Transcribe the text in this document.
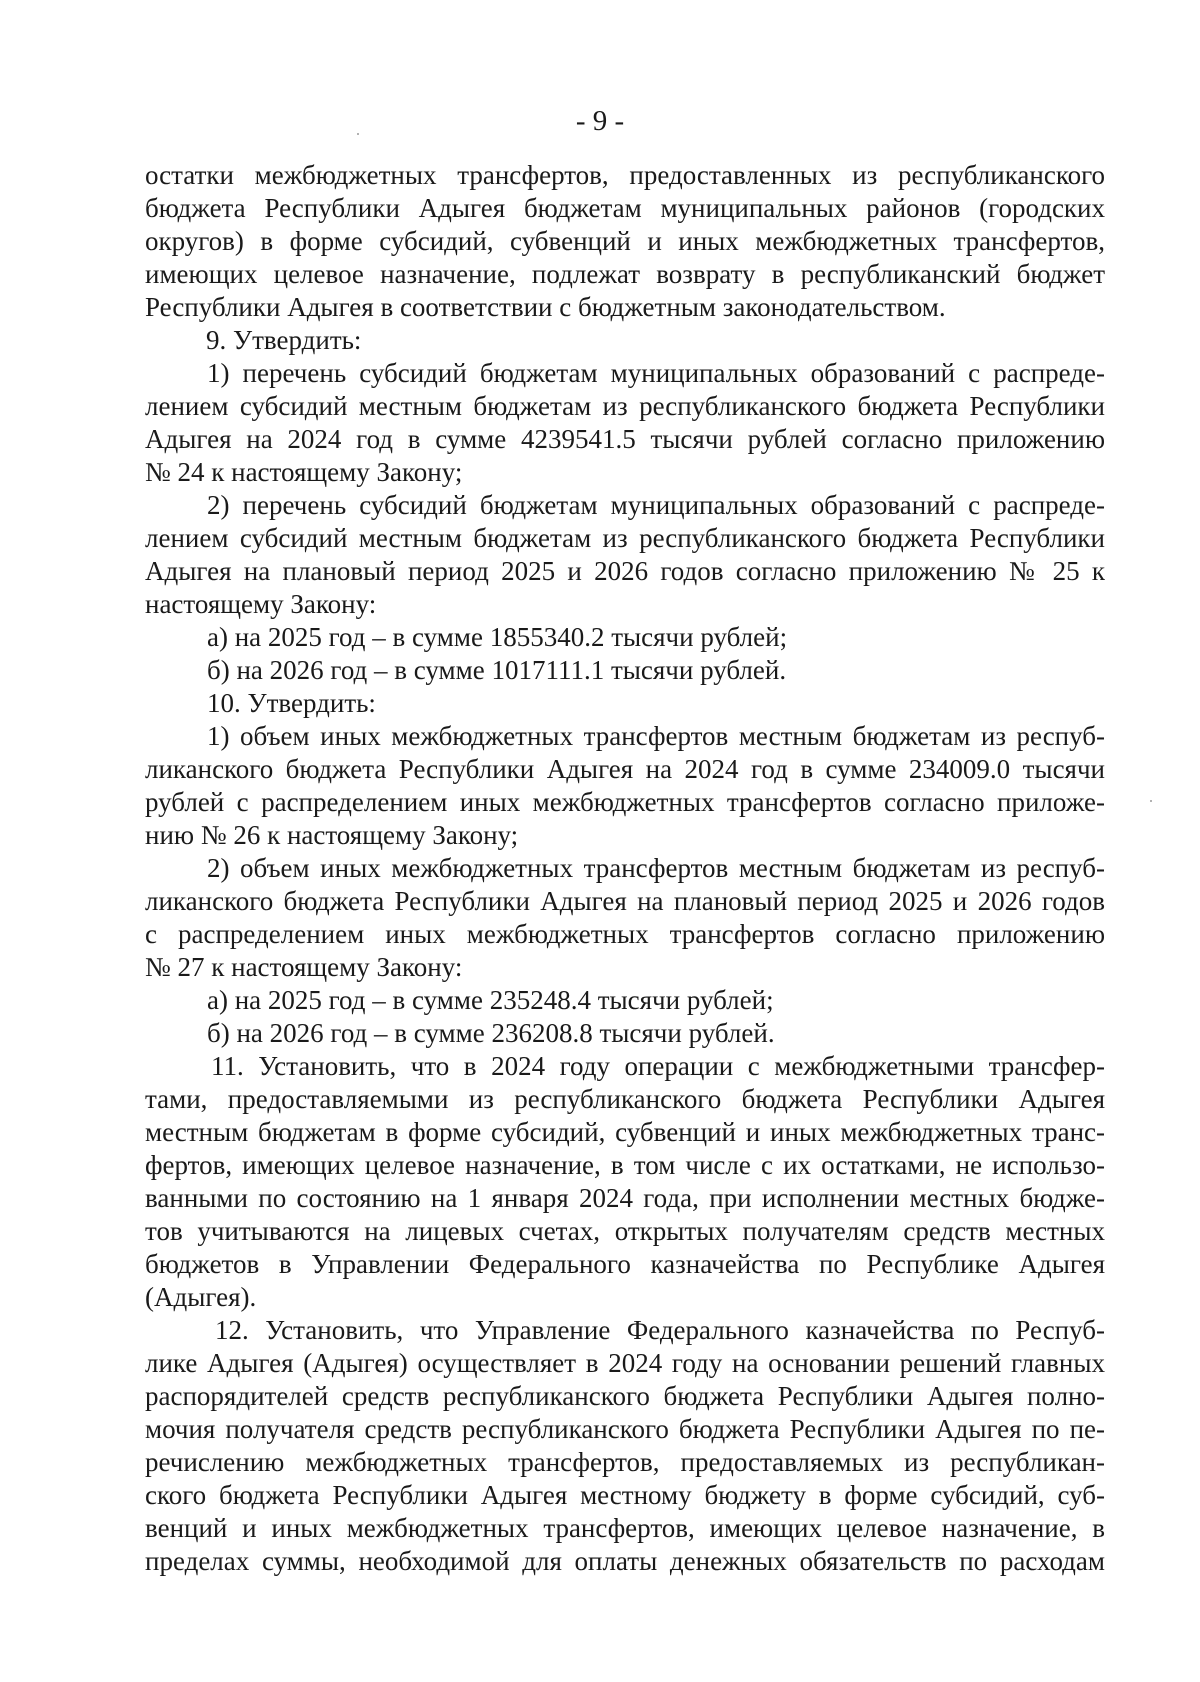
- 9 -
остатки межбюджетных трансфертов, предоставленных из республиканского
бюджета Республики Адыгея бюджетам муниципальных районов (городских
округов) в форме субсидий, субвенций и иных межбюджетных трансфертов,
имеющих целевое назначение, подлежат возврату в республиканский бюджет
Республики Адыгея в соответствии с бюджетным законодательством.
9. Утвердить:
1) перечень субсидий бюджетам муниципальных образований с распреде-
лением субсидий местным бюджетам из республиканского бюджета Республики
Адыгея на 2024 год в сумме 4239541.5 тысячи рублей согласно приложению
№ 24 к настоящему Закону;
2) перечень субсидий бюджетам муниципальных образований с распреде-
лением субсидий местным бюджетам из республиканского бюджета Республики
Адыгея на плановый период 2025 и 2026 годов согласно приложению № 25 к
настоящему Закону:
а) на 2025 год – в сумме 1855340.2 тысячи рублей;
б) на 2026 год – в сумме 1017111.1 тысячи рублей.
10. Утвердить:
1) объем иных межбюджетных трансфертов местным бюджетам из респуб-
ликанского бюджета Республики Адыгея на 2024 год в сумме 234009.0 тысячи
рублей с распределением иных межбюджетных трансфертов согласно приложе-
нию № 26 к настоящему Закону;
2) объем иных межбюджетных трансфертов местным бюджетам из респуб-
ликанского бюджета Республики Адыгея на плановый период 2025 и 2026 годов
с распределением иных межбюджетных трансфертов согласно приложению
№ 27 к настоящему Закону:
а) на 2025 год – в сумме 235248.4 тысячи рублей;
б) на 2026 год – в сумме 236208.8 тысячи рублей.
11. Установить, что в 2024 году операции с межбюджетными трансфер-
тами, предоставляемыми из республиканского бюджета Республики Адыгея
местным бюджетам в форме субсидий, субвенций и иных межбюджетных транс-
фертов, имеющих целевое назначение, в том числе с их остатками, не использо-
ванными по состоянию на 1 января 2024 года, при исполнении местных бюдже-
тов учитываются на лицевых счетах, открытых получателям средств местных
бюджетов в Управлении Федерального казначейства по Республике Адыгея
(Адыгея).
12. Установить, что Управление Федерального казначейства по Респуб-
лике Адыгея (Адыгея) осуществляет в 2024 году на основании решений главных
распорядителей средств республиканского бюджета Республики Адыгея полно-
мочия получателя средств республиканского бюджета Республики Адыгея по пе-
речислению межбюджетных трансфертов, предоставляемых из республикан-
ского бюджета Республики Адыгея местному бюджету в форме субсидий, суб-
венций и иных межбюджетных трансфертов, имеющих целевое назначение, в
пределах суммы, необходимой для оплаты денежных обязательств по расходам
